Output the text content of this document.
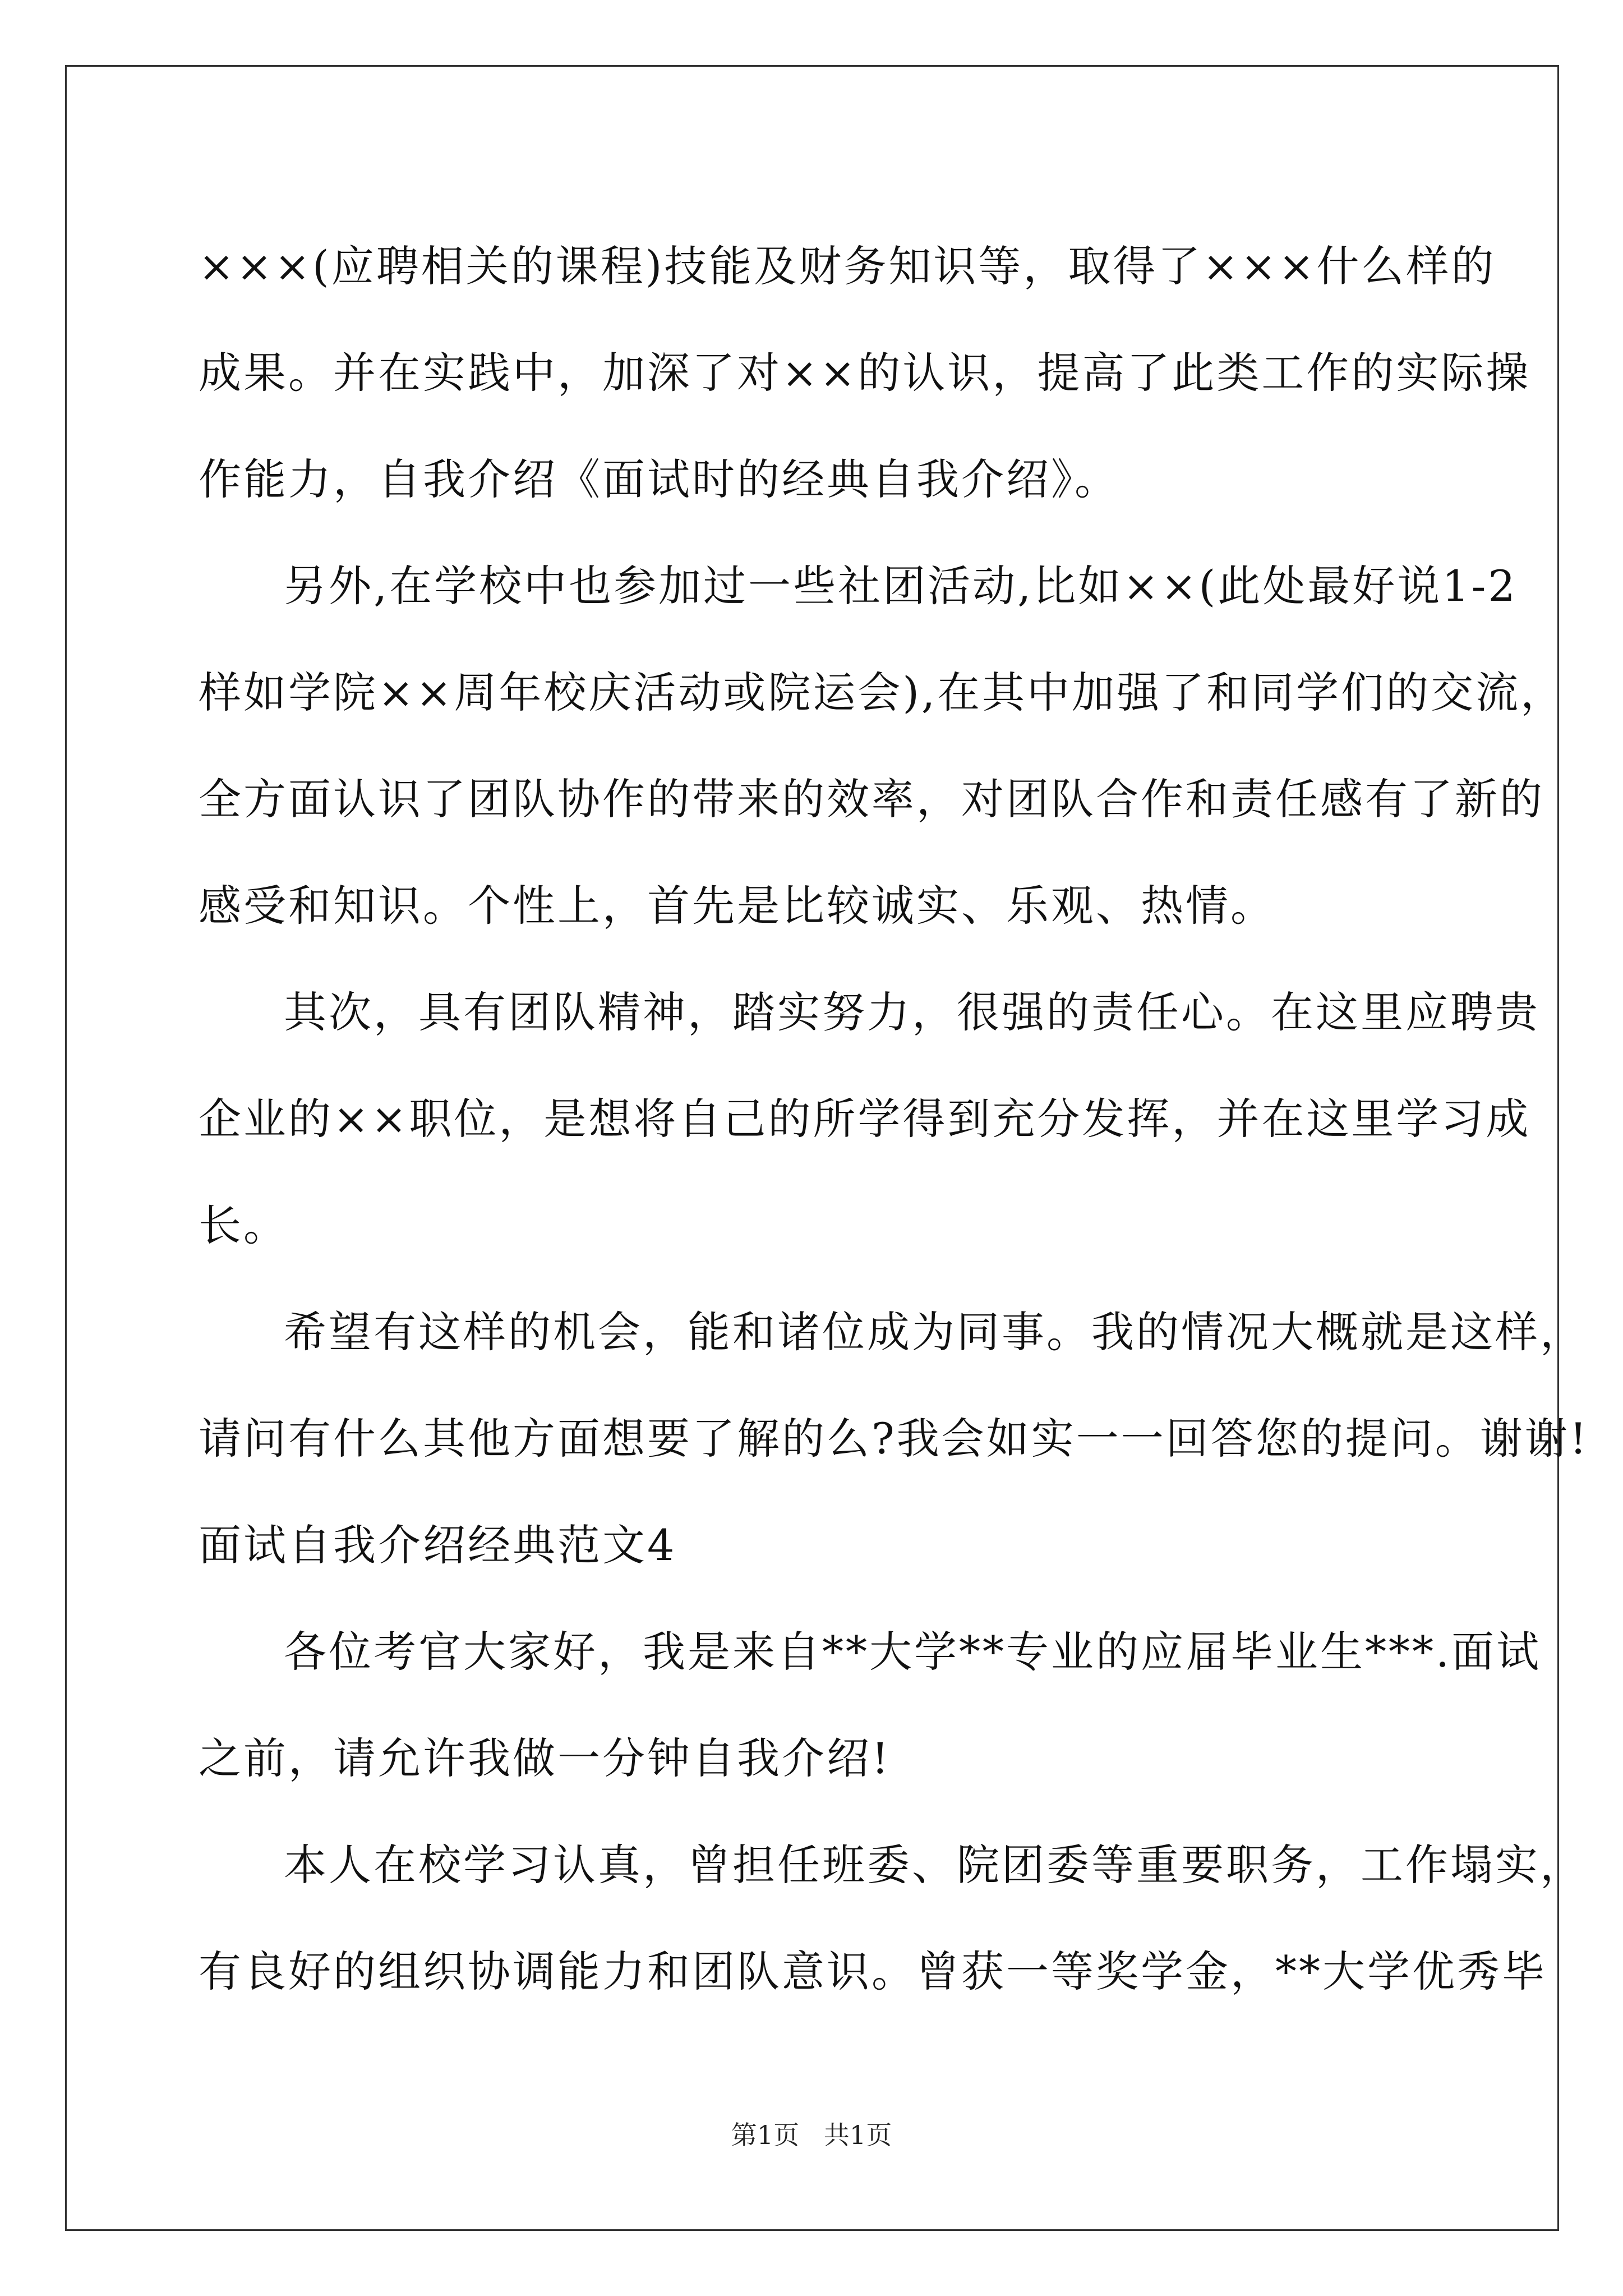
×××(应聘相关的课程)技能及财务知识等，取得了×××什么样的
成果。并在实践中，加深了对××的认识，提高了此类工作的实际操
作能力，自我介绍《面试时的经典自我介绍》。
另外,在学校中也参加过一些社团活动,比如××(此处最好说1-2
样如学院××周年校庆活动或院运会),在其中加强了和同学们的交流，
全方面认识了团队协作的带来的效率，对团队合作和责任感有了新的
感受和知识。个性上，首先是比较诚实、乐观、热情。
其次，具有团队精神，踏实努力，很强的责任心。在这里应聘贵
企业的××职位，是想将自己的所学得到充分发挥，并在这里学习成
长。
希望有这样的机会，能和诸位成为同事。我的情况大概就是这样，
请问有什么其他方面想要了解的么?我会如实一一回答您的提问。谢谢!
面试自我介绍经典范文4
各位考官大家好，我是来自**大学**专业的应届毕业生***.面试
之前，请允许我做一分钟自我介绍!
本人在校学习认真，曾担任班委、院团委等重要职务，工作塌实，
有良好的组织协调能力和团队意识。曾获一等奖学金，**大学优秀毕
第1页   共1页
